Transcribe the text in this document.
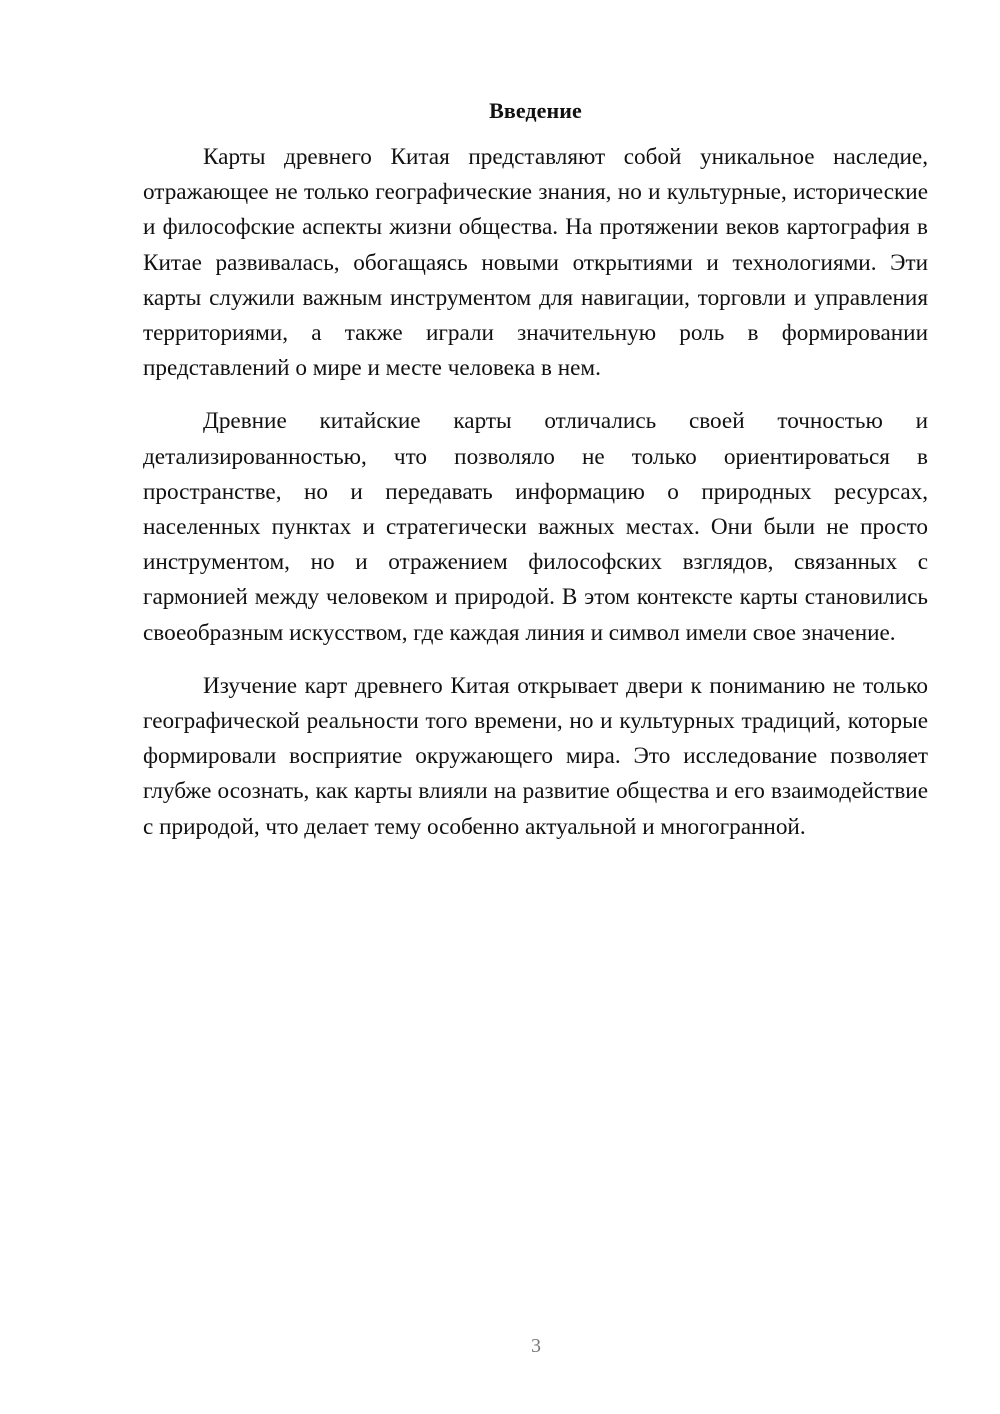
Введение

Карты древнего Китая представляют собой уникальное наследие, отражающее не только географические знания, но и культурные, исторические и философские аспекты жизни общества. На протяжении веков картография в Китае развивалась, обогащаясь новыми открытиями и технологиями. Эти карты служили важным инструментом для навигации, торговли и управления территориями, а также играли значительную роль в формировании представлений о мире и месте человека в нем.

Древние китайские карты отличались своей точностью и детализированностью, что позволяло не только ориентироваться в пространстве, но и передавать информацию о природных ресурсах, населенных пунктах и стратегически важных местах. Они были не просто инструментом, но и отражением философских взглядов, связанных с гармонией между человеком и природой. В этом контексте карты становились своеобразным искусством, где каждая линия и символ имели свое значение.

Изучение карт древнего Китая открывает двери к пониманию не только географической реальности того времени, но и культурных традиций, которые формировали восприятие окружающего мира. Это исследование позволяет глубже осознать, как карты влияли на развитие общества и его взаимодействие с природой, что делает тему особенно актуальной и многогранной.

3
